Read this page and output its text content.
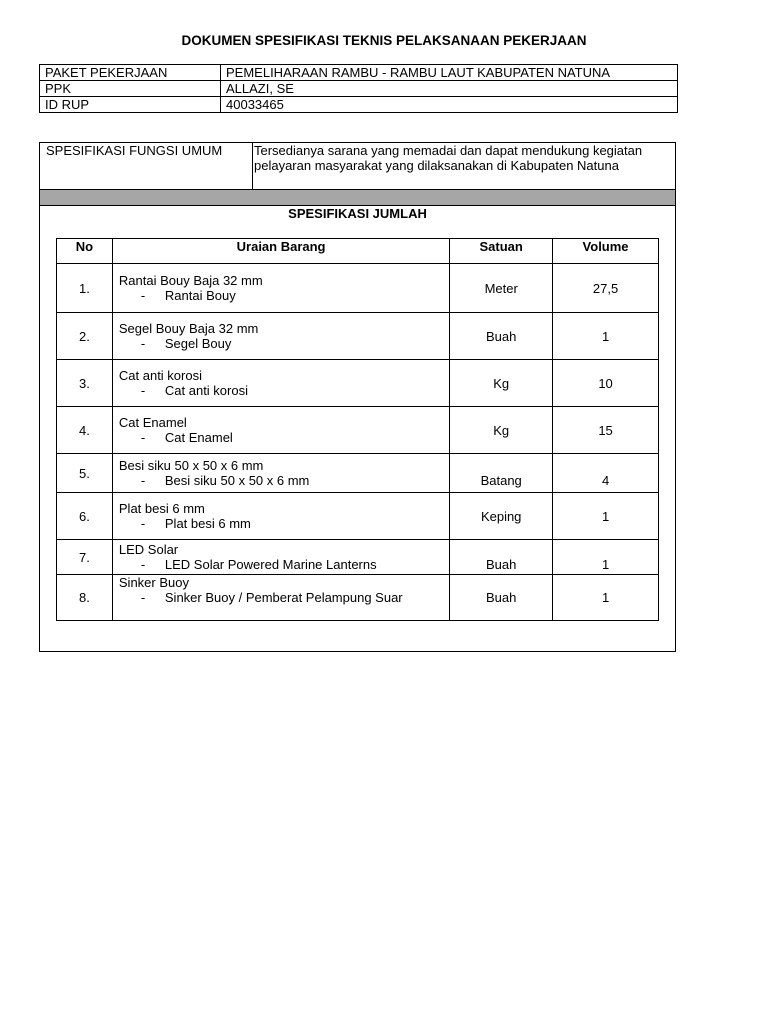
DOKUMEN SPESIFIKASI TEKNIS PELAKSANAAN PEKERJAAN
PAKET PEKERJAAN	PEMELIHARAAN RAMBU - RAMBU LAUT KABUPATEN NATUNA
PPK	ALLAZI, SE
ID RUP	40033465
SPESIFIKASI FUNGSI UMUM	Tersedianya sarana yang memadai dan dapat mendukung kegiatan pelayaran masyarakat yang dilaksanakan di Kabupaten Natuna
SPESIFIKASI JUMLAH
No	Uraian Barang	Satuan	Volume
1.	Rantai Bouy Baja 32 mm
- Rantai Bouy	Meter	27,5
2.	Segel Bouy Baja 32 mm
- Segel Bouy	Buah	1
3.	Cat anti korosi
- Cat anti korosi	Kg	10
4.	Cat Enamel
- Cat Enamel	Kg	15
5.	Besi siku 50 x 50 x 6 mm
- Besi siku 50 x 50 x 6 mm	Batang	4
6.	Plat besi 6 mm
- Plat besi 6 mm	Keping	1
7.	LED Solar
- LED Solar Powered Marine Lanterns	Buah	1
8.	Sinker Buoy
- Sinker Buoy / Pemberat Pelampung Suar	Buah	1
